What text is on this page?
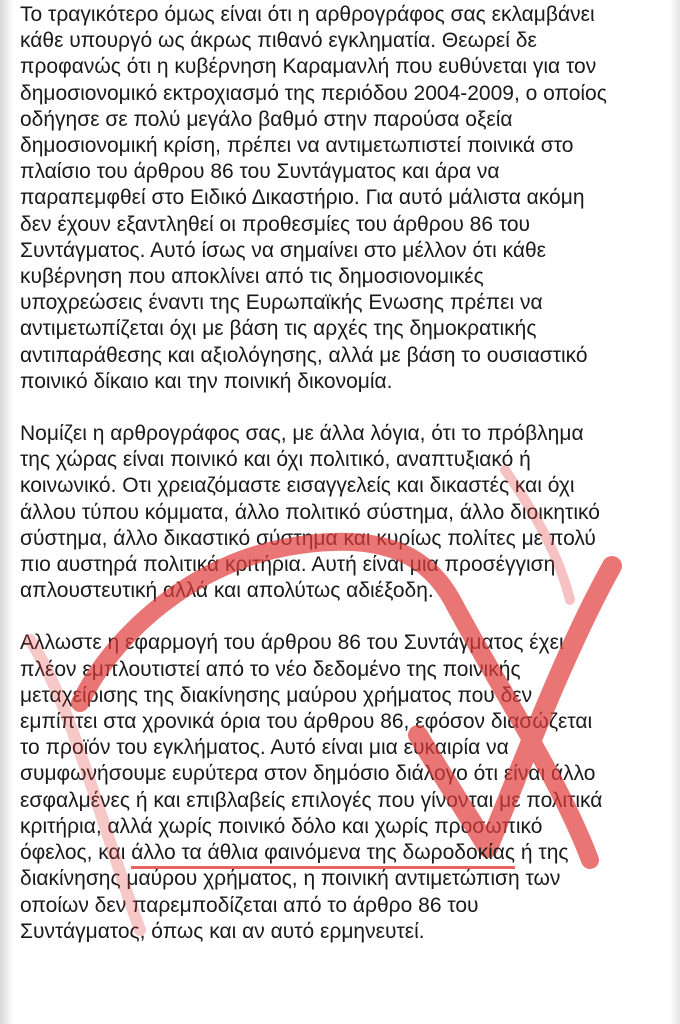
Το τραγικότερο όμως είναι ότι η αρθρογράφος σας εκλαμβάνει
κάθε υπουργό ως άκρως πιθανό εγκληματία. Θεωρεί δε
προφανώς ότι η κυβέρνηση Καραμανλή που ευθύνεται για τον
δημοσιονομικό εκτροχιασμό της περιόδου 2004-2009, ο οποίος
οδήγησε σε πολύ μεγάλο βαθμό στην παρούσα οξεία
δημοσιονομική κρίση, πρέπει να αντιμετωπιστεί ποινικά στο
πλαίσιο του άρθρου 86 του Συντάγματος και άρα να
παραπεμφθεί στο Ειδικό Δικαστήριο. Για αυτό μάλιστα ακόμη
δεν έχουν εξαντληθεί οι προθεσμίες του άρθρου 86 του
Συντάγματος. Αυτό ίσως να σημαίνει στο μέλλον ότι κάθε
κυβέρνηση που αποκλίνει από τις δημοσιονομικές
υποχρεώσεις έναντι της Ευρωπαϊκής Ενωσης πρέπει να
αντιμετωπίζεται όχι με βάση τις αρχές της δημοκρατικής
αντιπαράθεσης και αξιολόγησης, αλλά με βάση το ουσιαστικό
ποινικό δίκαιο και την ποινική δικονομία.

Νομίζει η αρθρογράφος σας, με άλλα λόγια, ότι το πρόβλημα
της χώρας είναι ποινικό και όχι πολιτικό, αναπτυξιακό ή
κοινωνικό. Οτι χρειαζόμαστε εισαγγελείς και δικαστές και όχι
άλλου τύπου κόμματα, άλλο πολιτικό σύστημα, άλλο διοικητικό
σύστημα, άλλο δικαστικό σύστημα και κυρίως πολίτες με πολύ
πιο αυστηρά πολιτικά κριτήρια. Αυτή είναι μια προσέγγιση
απλουστευτική αλλά και απολύτως αδιέξοδη.

Αλλωστε η εφαρμογή του άρθρου 86 του Συντάγματος έχει
πλέον εμπλουτιστεί από το νέο δεδομένο της ποινικής
μεταχείρισης της διακίνησης μαύρου χρήματος που δεν
εμπίπτει στα χρονικά όρια του άρθρου 86, εφόσον διασώζεται
το προϊόν του εγκλήματος. Αυτό είναι μια ευκαιρία να
συμφωνήσουμε ευρύτερα στον δημόσιο διάλογο ότι είναι άλλο
εσφαλμένες ή και επιβλαβείς επιλογές που γίνονται με πολιτικά
κριτήρια, αλλά χωρίς ποινικό δόλο και χωρίς προσωπικό
όφελος, και άλλο τα άθλια φαινόμενα της δωροδοκίας ή της
διακίνησης μαύρου χρήματος, η ποινική αντιμετώπιση των
οποίων δεν παρεμποδίζεται από το άρθρο 86 του
Συντάγματος, όπως και αν αυτό ερμηνευτεί.
